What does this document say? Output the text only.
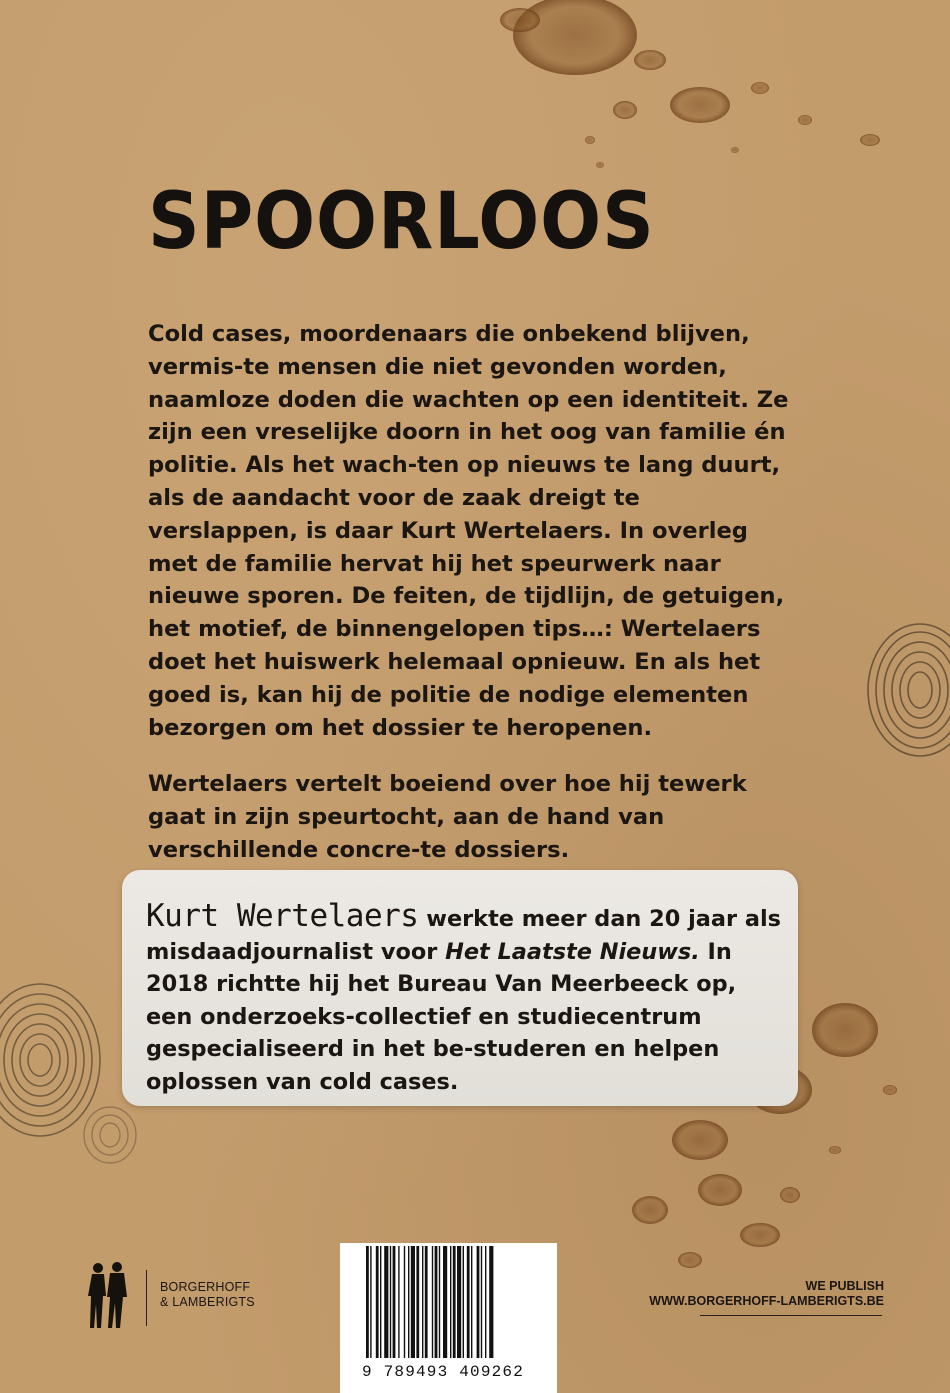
SPOORLOOS

Cold cases, moordenaars die onbekend blijven, vermis-te mensen die niet gevonden worden, naamloze doden die wachten op een identiteit. Ze zijn een vreselijke doorn in het oog van familie én politie. Als het wach-ten op nieuws te lang duurt, als de aandacht voor de zaak dreigt te verslappen, is daar Kurt Wertelaers. In overleg met de familie hervat hij het speurwerk naar nieuwe sporen. De feiten, de tijdlijn, de getuigen, het motief, de binnengelopen tips…: Wertelaers doet het huiswerk helemaal opnieuw. En als het goed is, kan hij de politie de nodige elementen bezorgen om het dossier te heropenen.

Wertelaers vertelt boeiend over hoe hij tewerk gaat in zijn speurtocht, aan de hand van verschillende concre-te dossiers.

Kurt Wertelaers werkte meer dan 20 jaar als misdaadjournalist voor Het Laatste Nieuws. In 2018 richtte hij het Bureau Van Meerbeeck op, een onderzoeks-collectief en studiecentrum gespecialiseerd in het be-studeren en helpen oplossen van cold cases.

BORGERHOFF
& LAMBERIGTS
9 789493 409262
WE PUBLISH
WWW.BORGERHOFF-LAMBERIGTS.BE
